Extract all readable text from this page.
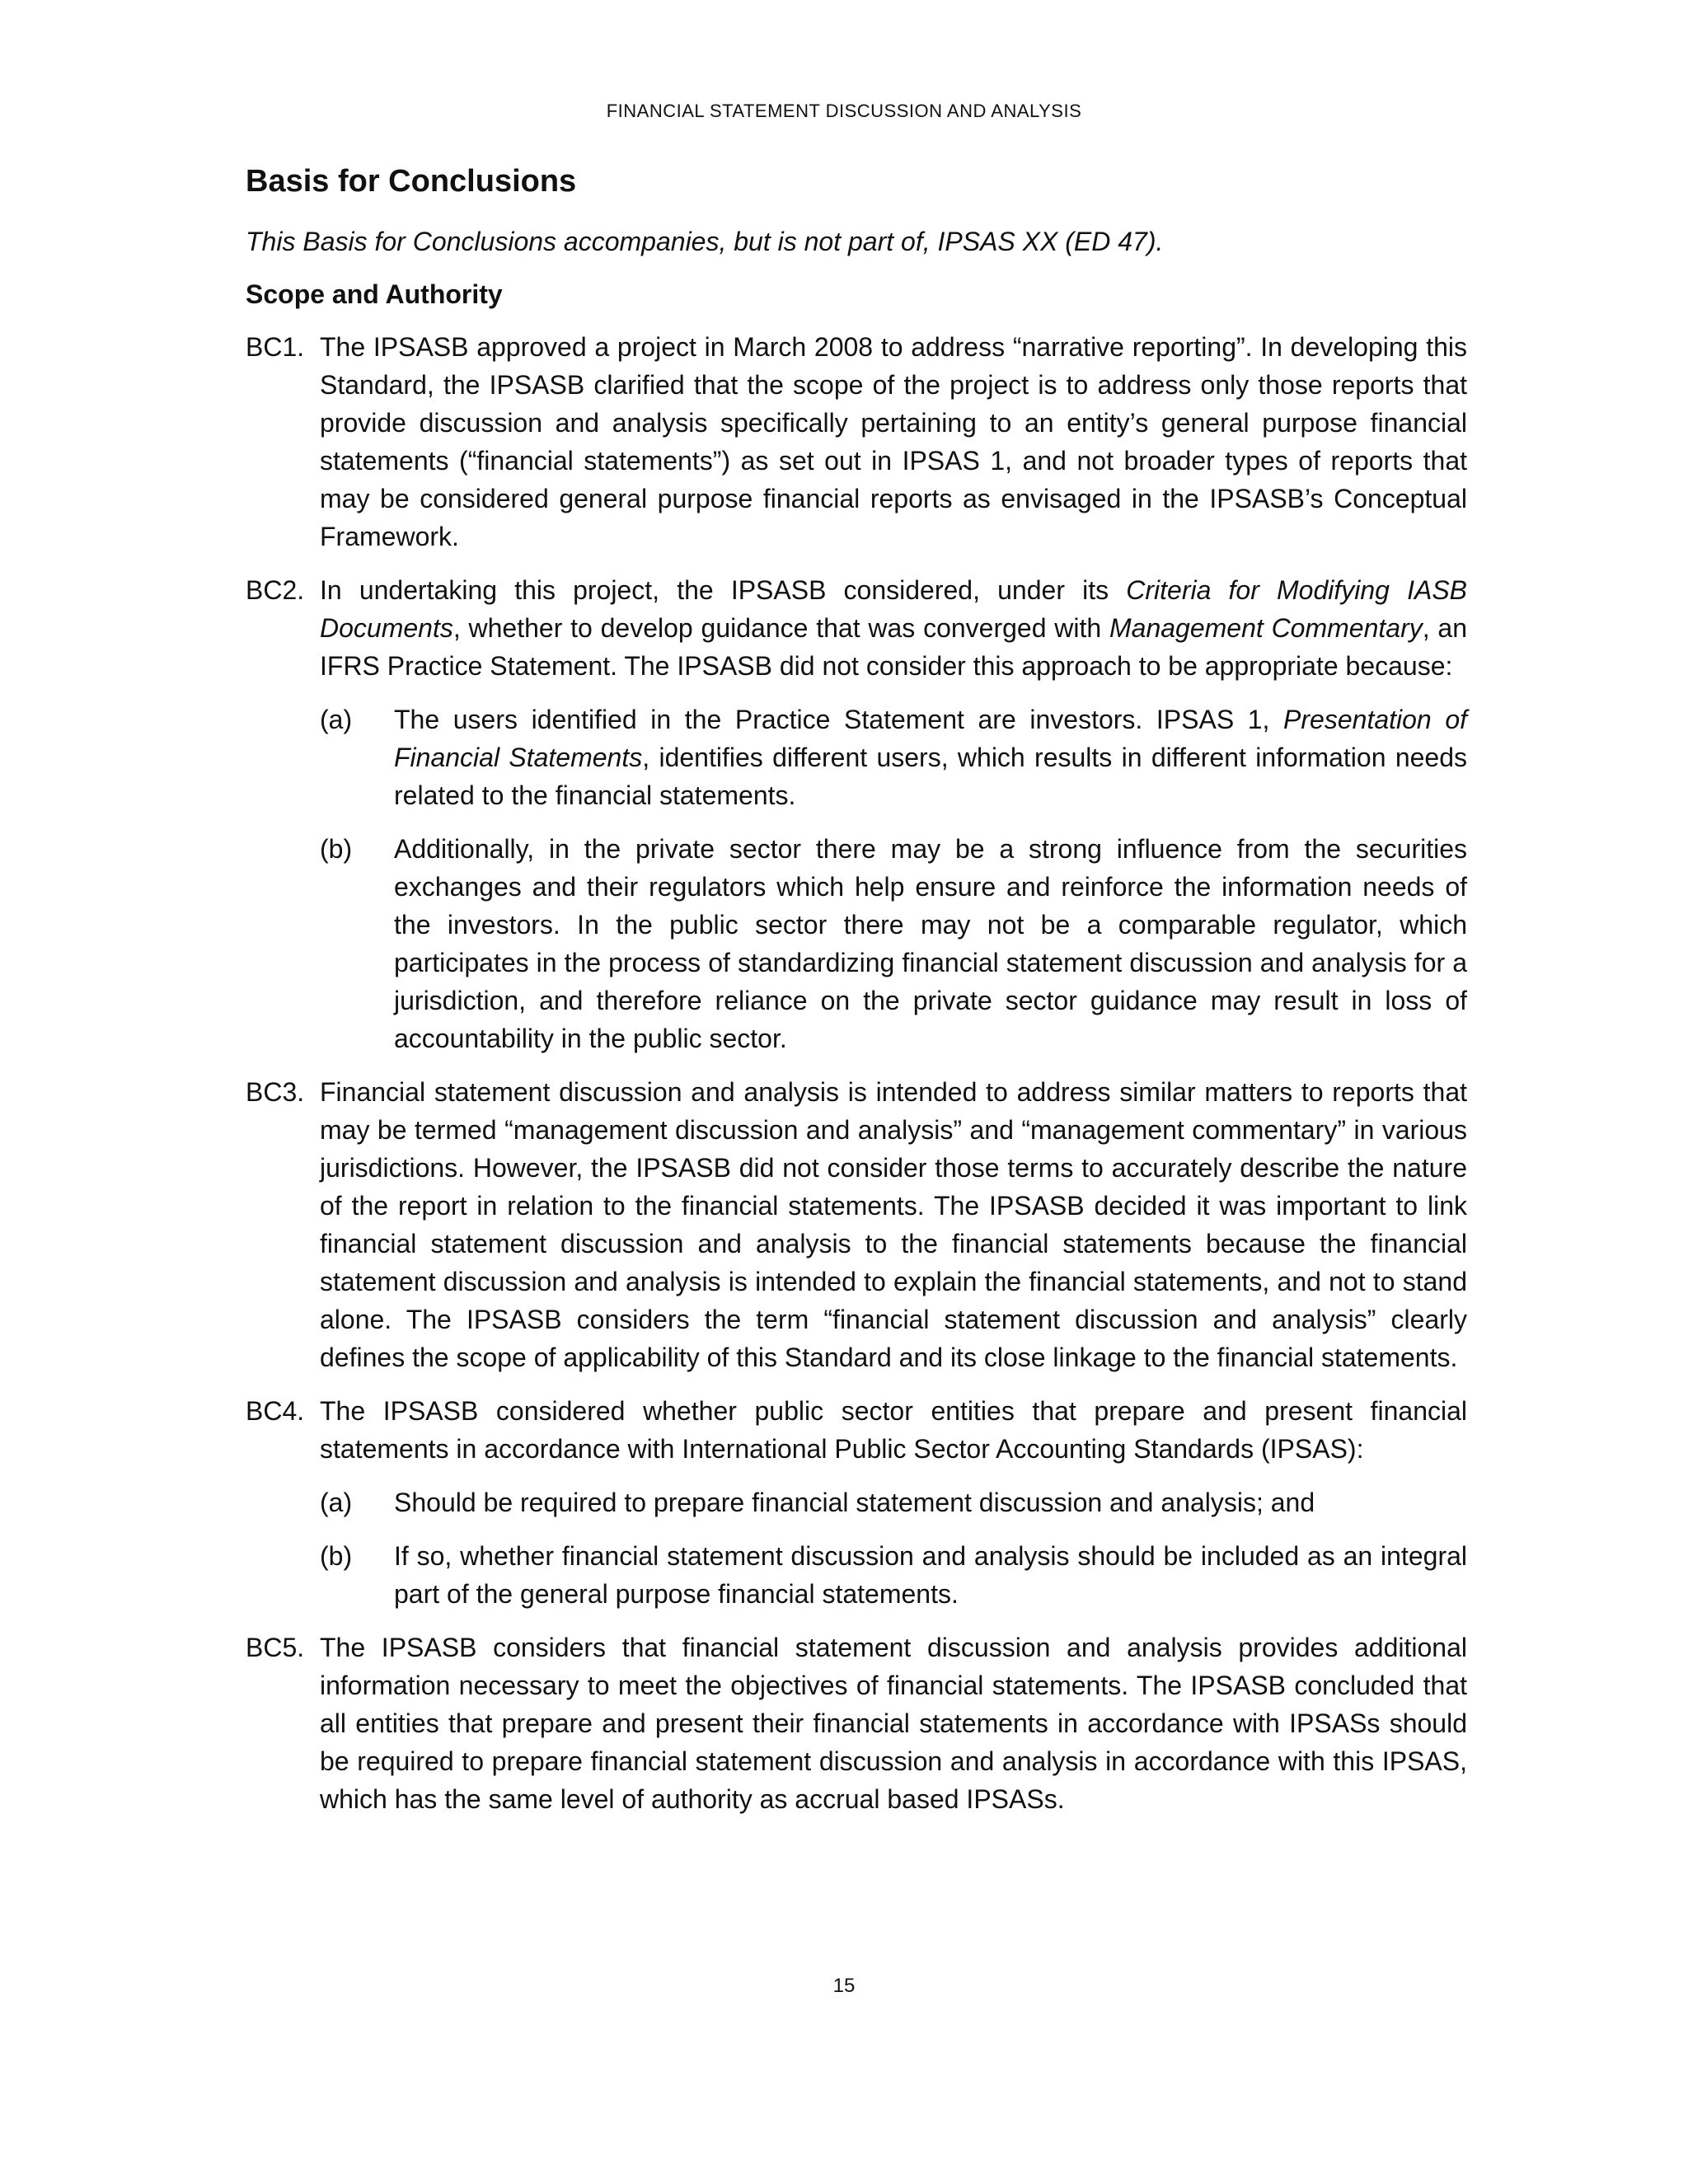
FINANCIAL STATEMENT DISCUSSION AND ANALYSIS
Basis for Conclusions

This Basis for Conclusions accompanies, but is not part of, IPSAS XX (ED 47).

Scope and Authority
BC1. The IPSASB approved a project in March 2008 to address “narrative reporting”. In developing this Standard, the IPSASB clarified that the scope of the project is to address only those reports that provide discussion and analysis specifically pertaining to an entity’s general purpose financial statements (“financial statements”) as set out in IPSAS 1, and not broader types of reports that may be considered general purpose financial reports as envisaged in the IPSASB’s Conceptual Framework.
BC2. In undertaking this project, the IPSASB considered, under its Criteria for Modifying IASB Documents, whether to develop guidance that was converged with Management Commentary, an IFRS Practice Statement. The IPSASB did not consider this approach to be appropriate because:
(a) The users identified in the Practice Statement are investors. IPSAS 1, Presentation of Financial Statements, identifies different users, which results in different information needs related to the financial statements.
(b) Additionally, in the private sector there may be a strong influence from the securities exchanges and their regulators which help ensure and reinforce the information needs of the investors. In the public sector there may not be a comparable regulator, which participates in the process of standardizing financial statement discussion and analysis for a jurisdiction, and therefore reliance on the private sector guidance may result in loss of accountability in the public sector.
BC3. Financial statement discussion and analysis is intended to address similar matters to reports that may be termed “management discussion and analysis” and “management commentary” in various jurisdictions. However, the IPSASB did not consider those terms to accurately describe the nature of the report in relation to the financial statements. The IPSASB decided it was important to link financial statement discussion and analysis to the financial statements because the financial statement discussion and analysis is intended to explain the financial statements, and not to stand alone. The IPSASB considers the term “financial statement discussion and analysis” clearly defines the scope of applicability of this Standard and its close linkage to the financial statements.
BC4. The IPSASB considered whether public sector entities that prepare and present financial statements in accordance with International Public Sector Accounting Standards (IPSAS):
(a) Should be required to prepare financial statement discussion and analysis; and
(b) If so, whether financial statement discussion and analysis should be included as an integral part of the general purpose financial statements.
BC5. The IPSASB considers that financial statement discussion and analysis provides additional information necessary to meet the objectives of financial statements. The IPSASB concluded that all entities that prepare and present their financial statements in accordance with IPSASs should be required to prepare financial statement discussion and analysis in accordance with this IPSAS, which has the same level of authority as accrual based IPSASs.
15
